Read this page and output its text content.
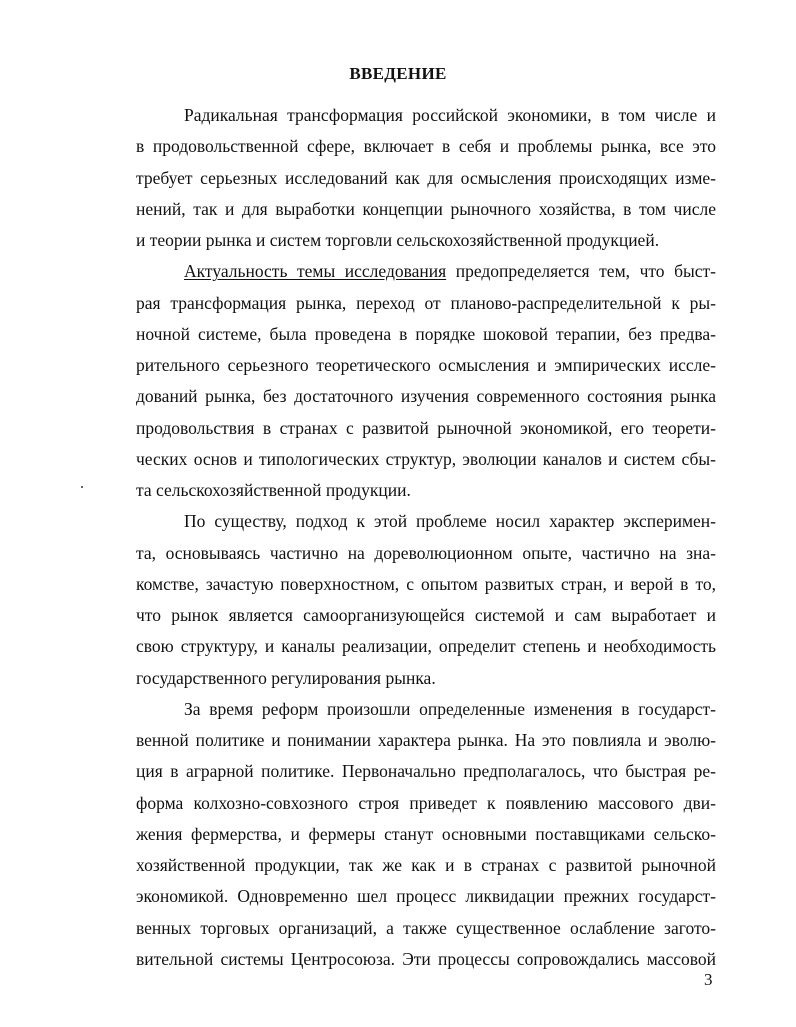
ВВЕДЕНИЕ
Радикальная трансформация российской экономики, в том числе и
в продовольственной сфере, включает в себя и проблемы рынка, все это
требует серьезных исследований как для осмысления происходящих изме-
нений, так и для выработки концепции рыночного хозяйства, в том числе
и теории рынка и систем торговли сельскохозяйственной продукцией.
Актуальность темы исследования предопределяется тем, что быст-
рая трансформация рынка, переход от планово-распределительной к ры-
ночной системе, была проведена в порядке шоковой терапии, без предва-
рительного серьезного теоретического осмысления и эмпирических иссле-
дований рынка, без достаточного изучения современного состояния рынка
продовольствия в странах с развитой рыночной экономикой, его теорети-
ческих основ и типологических структур, эволюции каналов и систем сбы-
та сельскохозяйственной продукции.
По существу, подход к этой проблеме носил характер эксперимен-
та, основываясь частично на дореволюционном опыте, частично на зна-
комстве, зачастую поверхностном, с опытом развитых стран, и верой в то,
что рынок является самоорганизующейся системой и сам выработает и
свою структуру, и каналы реализации, определит степень и необходимость
государственного регулирования рынка.
За время реформ произошли определенные изменения в государст-
венной политике и понимании характера рынка. На это повлияла и эволю-
ция в аграрной политике. Первоначально предполагалось, что быстрая ре-
форма колхозно-совхозного строя приведет к появлению массового дви-
жения фермерства, и фермеры станут основными поставщиками сельско-
хозяйственной продукции, так же как и в странах с развитой рыночной
экономикой. Одновременно шел процесс ликвидации прежних государст-
венных торговых организаций, а также существенное ослабление загото-
вительной системы Центросоюза. Эти процессы сопровождались массовой
3
